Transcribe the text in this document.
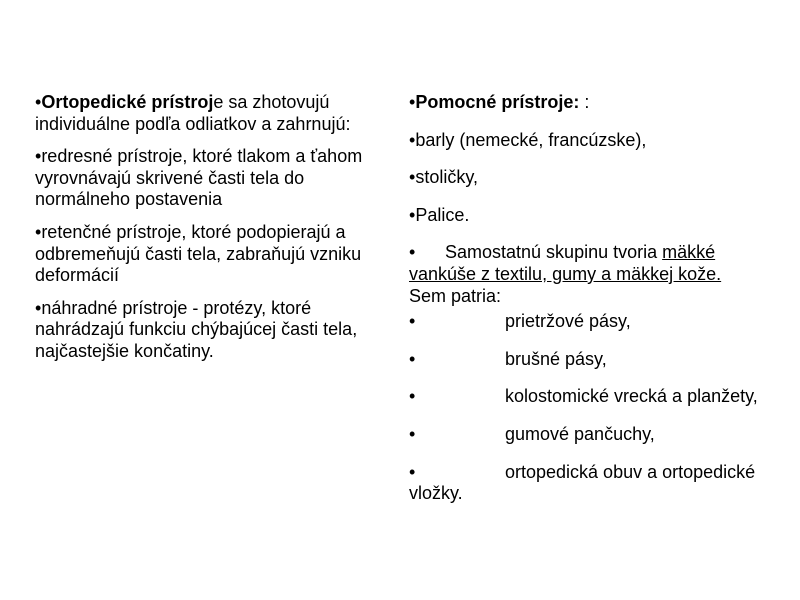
•Ortopedické prístroje sa zhotovujú individuálne podľa odliatkov a zahrnujú:

•redresné prístroje, ktoré tlakom a ťahom vyrovnávajú skrivené časti tela do normálneho postavenia

•retenčné prístroje, ktoré podopierajú a odbremeňujú časti tela, zabraňujú vzniku deformácií

•náhradné prístroje - protézy, ktoré nahrádzajú funkciu chýbajúcej časti tela, najčastejšie končatiny.

•Pomocné prístroje: :

•barly (nemecké, francúzske),

•stoličky,

•Palice.

• Samostatnú skupinu tvoria mäkké vankúše z textilu, gumy a mäkkej kože.
Sem patria:

•	prietržové pásy,

•	brušné pásy,

•	kolostomické vrecká a planžety,

•	gumové pančuchy,

•	ortopedická obuv a ortopedické vložky.
